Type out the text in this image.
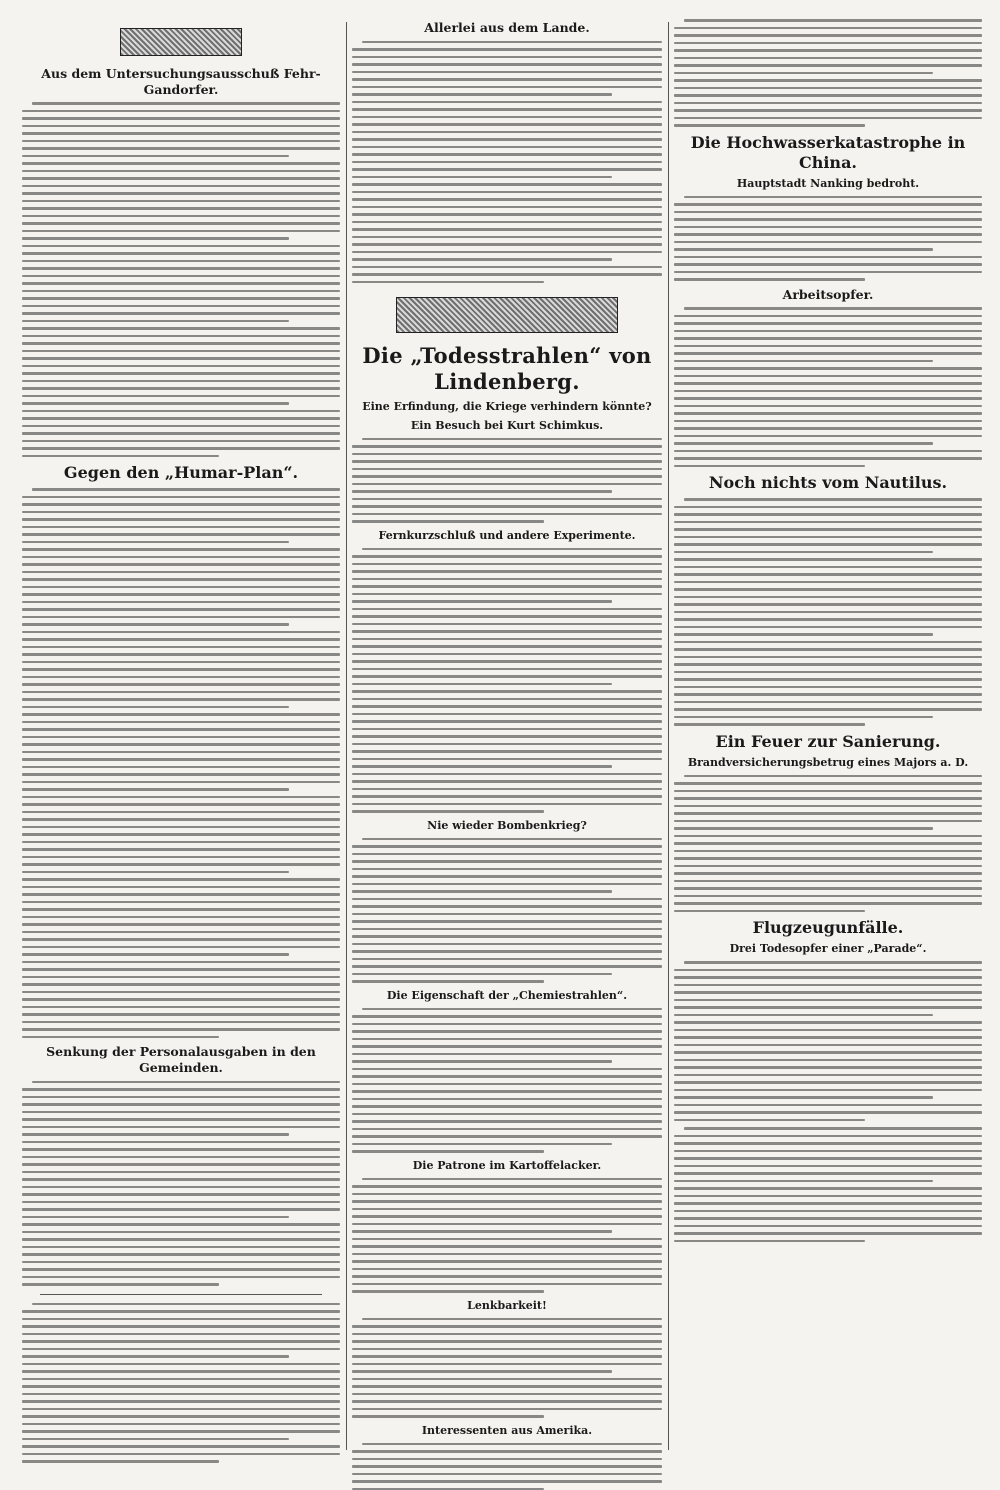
Aus dem Untersuchungsausschuß Fehr-Gandorfer.
Gegen den „Humar-Plan“.
Senkung der Personalausgaben in den Gemeinden.
Allerlei aus dem Lande.
Die „Todesstrahlen“ von Lindenberg.
Eine Erfindung, die Kriege verhindern könnte?
Ein Besuch bei Kurt Schimkus.
Fernkurzschluß und andere Experimente.
Nie wieder Bombenkrieg?
Die Eigenschaft der „Chemiestrahlen“.
Die Patrone im Kartoffelacker.
Lenkbarkeit!
Interessenten aus Amerika.
Die Hochwasserkatastrophe in China.
Hauptstadt Nanking bedroht.
Arbeitsopfer.
Noch nichts vom Nautilus.
Ein Feuer zur Sanierung.
Brandversicherungsbetrug eines Majors a. D.
Flugzeugunfälle.
Drei Todesopfer einer „Parade“.
